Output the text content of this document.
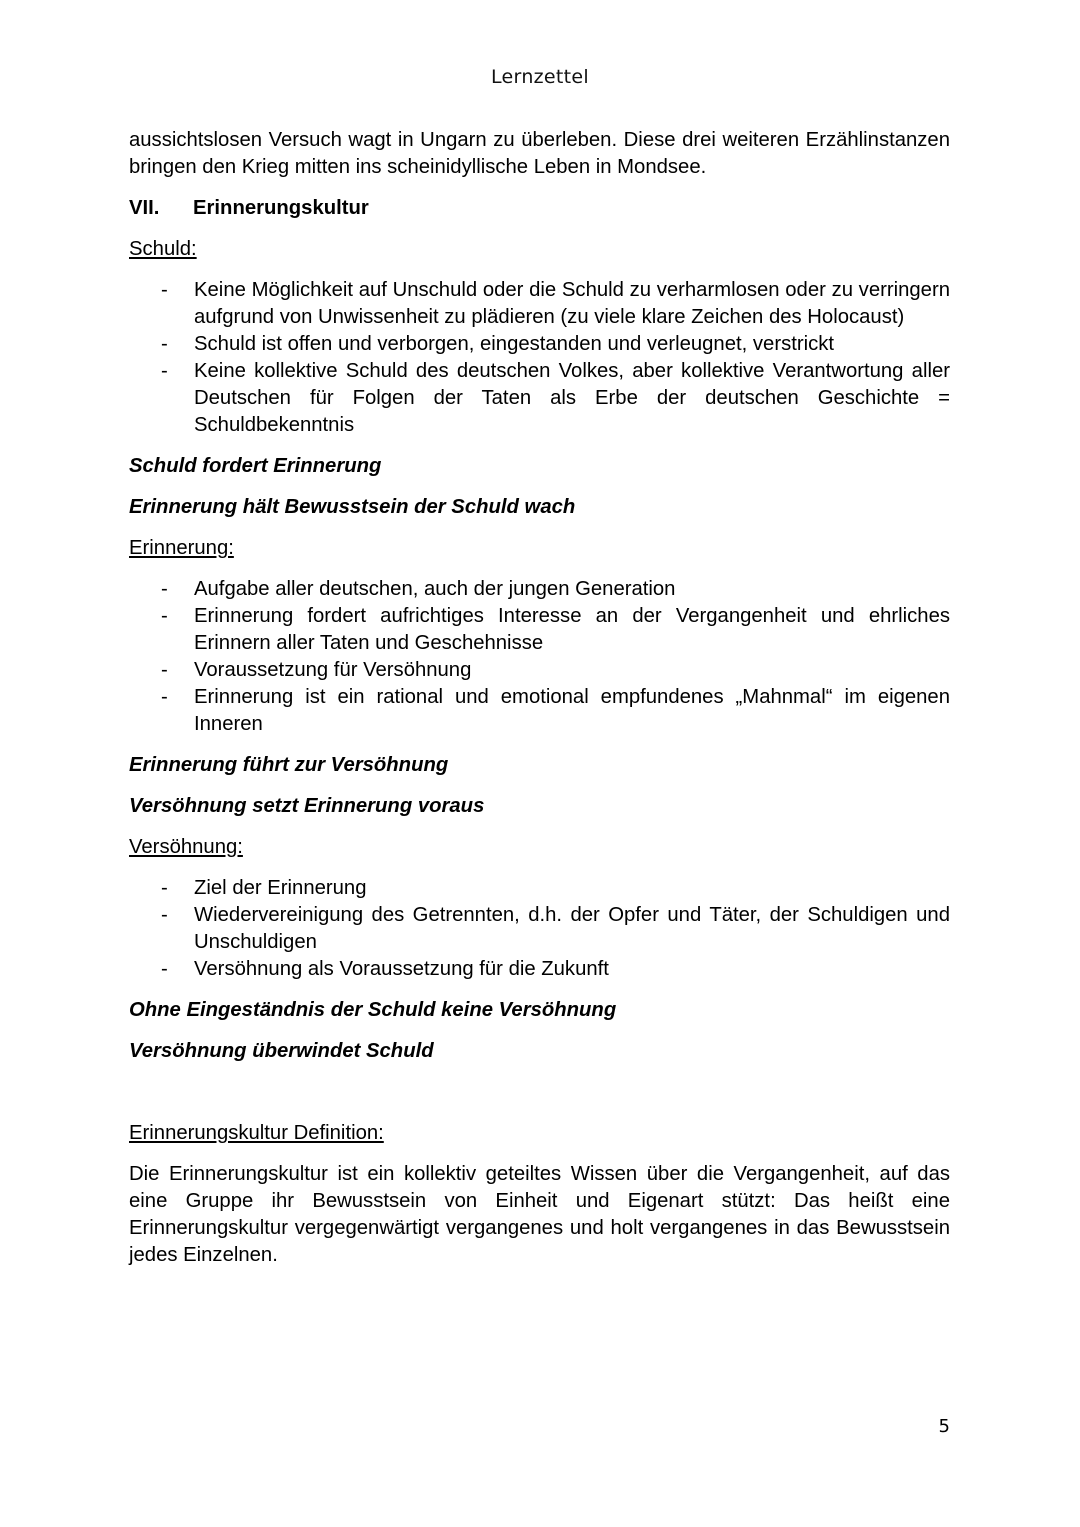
Lernzettel

aussichtslosen Versuch wagt in Ungarn zu überleben. Diese drei weiteren Erzählinstanzen bringen den Krieg mitten ins scheinidyllische Leben in Mondsee.

VII.	Erinnerungskultur
Schuld:
- Keine Möglichkeit auf Unschuld oder die Schuld zu verharmlosen oder zu verringern aufgrund von Unwissenheit zu plädieren (zu viele klare Zeichen des Holocaust)
- Schuld ist offen und verborgen, eingestanden und verleugnet, verstrickt
- Keine kollektive Schuld des deutschen Volkes, aber kollektive Verantwortung aller Deutschen für Folgen der Taten als Erbe der deutschen Geschichte = Schuldbekenntnis
Schuld fordert Erinnerung
Erinnerung hält Bewusstsein der Schuld wach
Erinnerung:
- Aufgabe aller deutschen, auch der jungen Generation
- Erinnerung fordert aufrichtiges Interesse an der Vergangenheit und ehrliches Erinnern aller Taten und Geschehnisse
- Voraussetzung für Versöhnung
- Erinnerung ist ein rational und emotional empfundenes „Mahnmal“ im eigenen Inneren
Erinnerung führt zur Versöhnung
Versöhnung setzt Erinnerung voraus
Versöhnung:
- Ziel der Erinnerung
- Wiedervereinigung des Getrennten, d.h. der Opfer und Täter, der Schuldigen und Unschuldigen
- Versöhnung als Voraussetzung für die Zukunft
Ohne Eingeständnis der Schuld keine Versöhnung
Versöhnung überwindet Schuld
Erinnerungskultur Definition:

Die Erinnerungskultur ist ein kollektiv geteiltes Wissen über die Vergangenheit, auf das eine Gruppe ihr Bewusstsein von Einheit und Eigenart stützt: Das heißt eine Erinnerungskultur vergegenwärtigt vergangenes und holt vergangenes in das Bewusstsein jedes Einzelnen.

5
